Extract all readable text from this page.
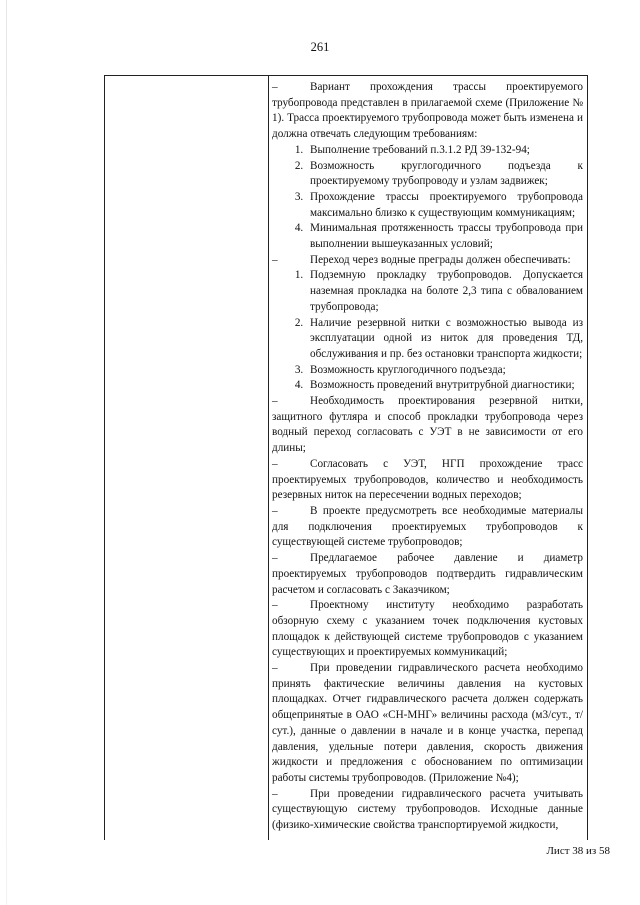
261

–	Вариант прохождения трассы проектируемого трубопровода представлен в прилагаемой схеме (Приложение № 1). Трасса проектируемого трубопровода может быть изменена и должна отвечать следующим требованиям:

1. Выполнение требований п.3.1.2 РД 39-132-94;
2. Возможность круглогодичного подъезда к проектируемому трубопроводу и узлам задвижек;
3. Прохождение трассы проектируемого трубопровода максимально близко к существующим коммуникациям;
4. Минимальная протяженность трассы трубопровода при выполнении вышеуказанных условий;

–	Переход через водные преграды должен обеспечивать:

1. Подземную прокладку трубопроводов. Допускается наземная прокладка на болоте 2,3 типа с обвалованием трубопровода;
2. Наличие резервной нитки с возможностью вывода из эксплуатации одной из ниток для проведения ТД, обслуживания и пр. без остановки транспорта жидкости;
3. Возможность круглогодичного подъезда;
4. Возможность проведений внутритрубной диагностики;

–	Необходимость проектирования резервной нитки, защитного футляра и способ прокладки трубопровода через водный переход согласовать с УЭТ в не зависимости от его длины;

–	Согласовать с УЭТ, НГП прохождение трасс проектируемых трубопроводов, количество и необходимость резервных ниток на пересечении водных переходов;

–	В проекте предусмотреть все необходимые материалы для подключения проектируемых трубопроводов к существующей системе трубопроводов;

–	Предлагаемое рабочее давление и диаметр проектируемых трубопроводов подтвердить гидравлическим расчетом и согласовать с Заказчиком;

–	Проектному институту необходимо разработать обзорную схему с указанием точек подключения кустовых площадок к действующей системе трубопроводов с указанием существующих и проектируемых коммуникаций;

–	При проведении гидравлического расчета необходимо принять фактические величины давления на кустовых площадках. Отчет гидравлического расчета должен содержать общепринятые в ОАО «СН-МНГ» величины расхода (м3/сут., т/сут.), данные о давлении в начале и в конце участка, перепад давления, удельные потери давления, скорость движения жидкости и предложения с обоснованием по оптимизации работы системы трубопроводов. (Приложение №4);

–	При проведении гидравлического расчета учитывать существующую систему трубопроводов. Исходные данные (физико-химические свойства транспортируемой жидкости,

Лист 38 из 58
